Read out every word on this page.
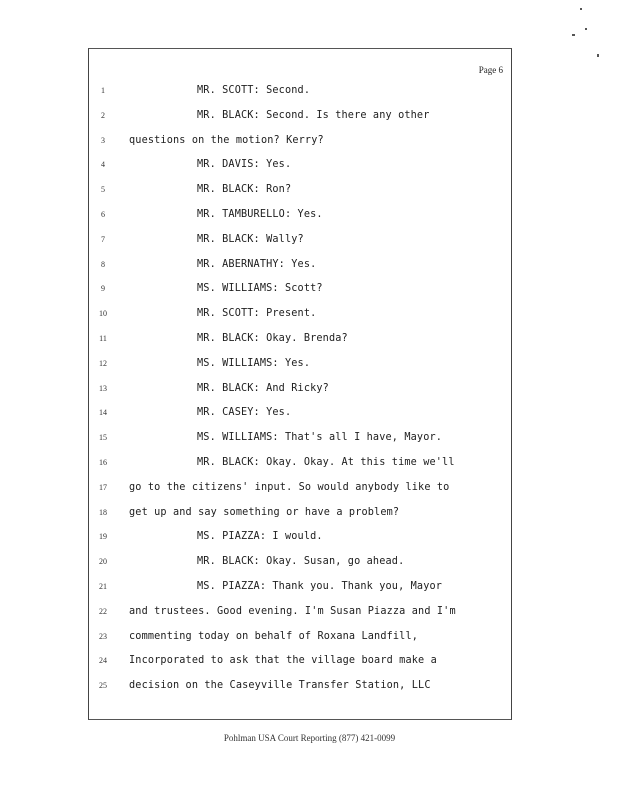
Page 6
1	MR. SCOTT: Second.
2	MR. BLACK: Second. Is there any other
3	questions on the motion? Kerry?
4	MR. DAVIS: Yes.
5	MR. BLACK: Ron?
6	MR. TAMBURELLO: Yes.
7	MR. BLACK: Wally?
8	MR. ABERNATHY: Yes.
9	MS. WILLIAMS: Scott?
10	MR. SCOTT: Present.
11	MR. BLACK: Okay. Brenda?
12	MS. WILLIAMS: Yes.
13	MR. BLACK: And Ricky?
14	MR. CASEY: Yes.
15	MS. WILLIAMS: That's all I have, Mayor.
16	MR. BLACK: Okay. Okay. At this time we'll
17	go to the citizens' input. So would anybody like to
18	get up and say something or have a problem?
19	MS. PIAZZA: I would.
20	MR. BLACK: Okay. Susan, go ahead.
21	MS. PIAZZA: Thank you. Thank you, Mayor
22	and trustees. Good evening. I'm Susan Piazza and I'm
23	commenting today on behalf of Roxana Landfill,
24	Incorporated to ask that the village board make a
25	decision on the Caseyville Transfer Station, LLC
Pohlman USA Court Reporting (877) 421-0099
